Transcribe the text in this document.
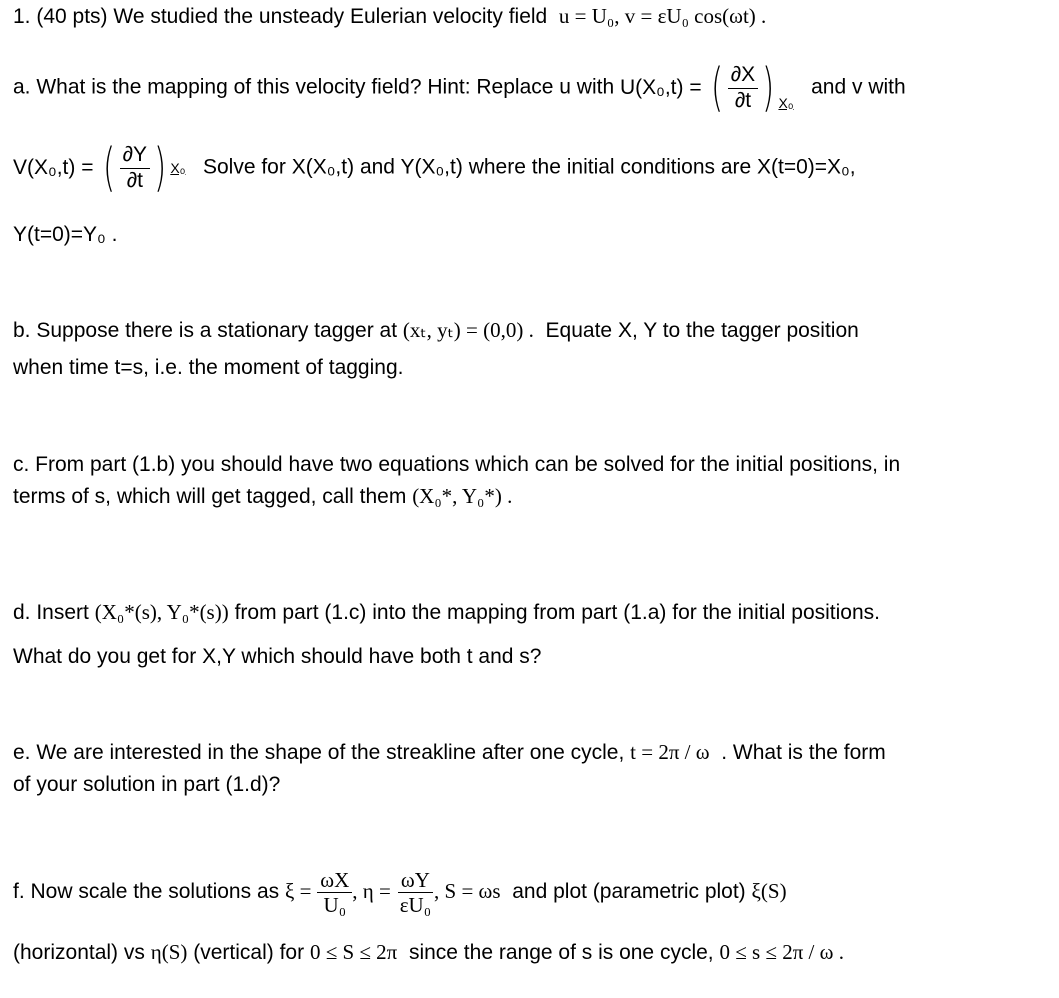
1. (40 pts) We studied the unsteady Eulerian velocity field u = U₀, v = εU₀ cos(ωt) .
a. What is the mapping of this velocity field? Hint: Replace u with U(X₀,t) = ( $\frac{\partial X}{\partial t}$ ) $_{X_0}$
and v with
V(X₀,t) = ( $\frac{\partial Y}{\partial t}$ ) X₀ Solve for X(X₀,t) and Y(X₀,t) where the initial conditions are X(t=0)=X₀,
Y(t=0)=Y₀ .
b. Suppose there is a stationary tagger at (xₜ, yₜ) = (0,0) . Equate X, Y to the tagger position
when time t=s, i.e. the moment of tagging.
c. From part (1.b) you should have two equations which can be solved for the initial positions, in
terms of s, which will get tagged, call them (X₀*, Y₀*) .
d. Insert (X₀*(s), Y₀*(s)) from part (1.c) into the mapping from part (1.a) for the initial positions.
What do you get for X,Y which should have both t and s?
e. We are interested in the shape of the streakline after one cycle, t = 2π / ω . What is the form
of your solution in part (1.d)?
f. Now scale the solutions as $\xi = \frac{\omega X}{\text{U₀}}$ , $\eta = \frac{\omega Y}{\text{εU₀}}$ , S = ωs and plot (parametric plot) ξ(S)
(horizontal) vs η(S) (vertical) for 0 ≤ S ≤ 2π since the range of s is one cycle, 0 ≤ s ≤ 2π / ω .
